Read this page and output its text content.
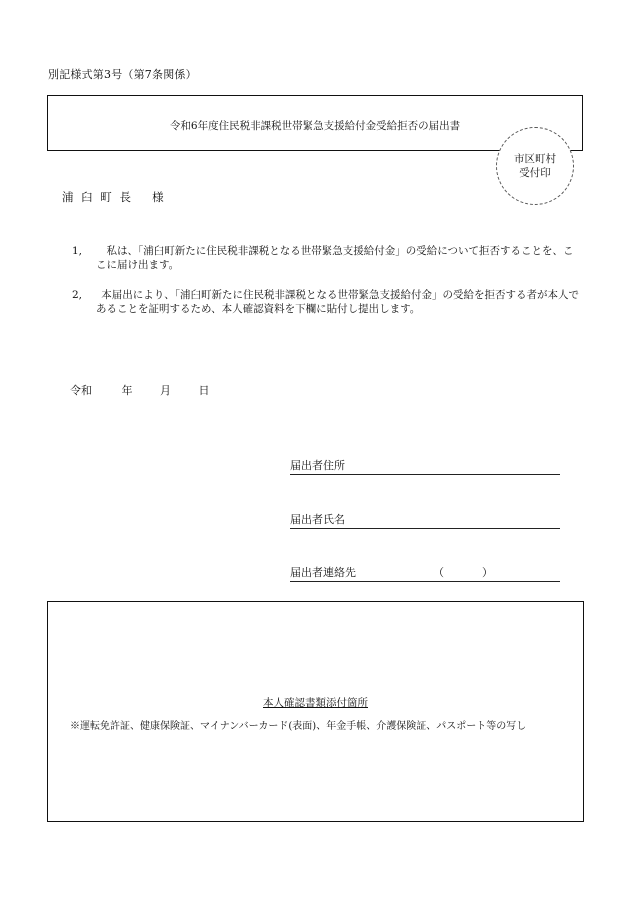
別記様式第3号（第7条関係）
令和6年度住民税非課税世帯緊急支援給付金受給拒否の届出書
市区町村
受付印
浦 臼 町 長　 様
1,	私は、「浦臼町新たに住民税非課税となる世帯緊急支援給付金」の受給について拒否することを、ここに届け出ます。
2,	本届出により、「浦臼町新たに住民税非課税となる世帯緊急支援給付金」の受給を拒否する者が本人であることを証明するため、本人確認資料を下欄に貼付し提出します。
令和	年	月	日
届出者住所
届出者氏名
届出者連絡先	（	）
本人確認書類添付箇所
※運転免許証、健康保険証、マイナンバーカード(表面)、年金手帳、介護保険証、パスポート等の写し
